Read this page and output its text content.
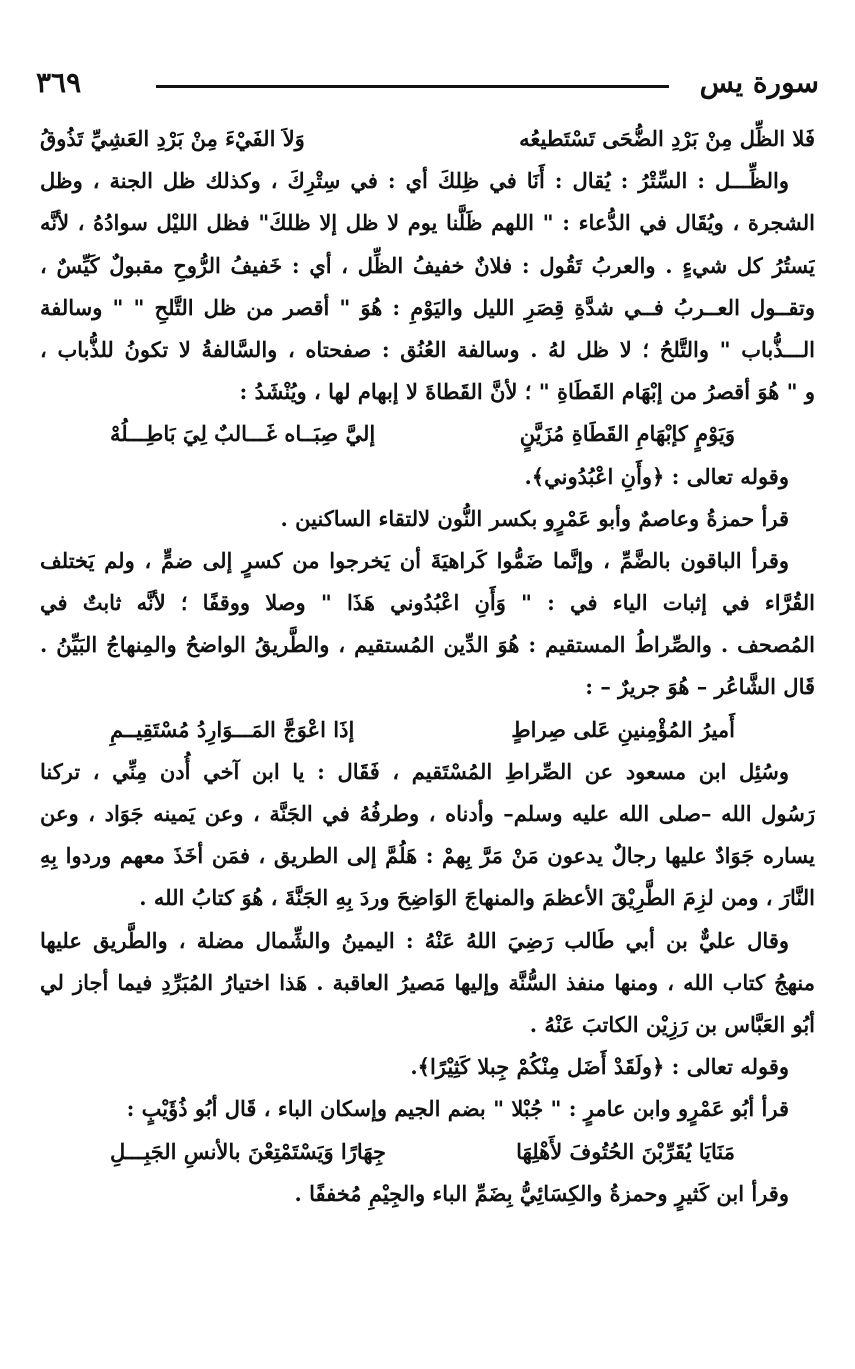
سورة يس
٣٦٩
فَلا الظِّل مِنْ بَرْدِ الضُّحَى تَسْتَطيعُه
وَلاَ الفَيْءَ مِنْ بَرْدِ العَشِيِّ تَذُوقُ
والظِّـــل : السِّتْرُ : يُقال : أَنَا في ظِلكَ أي : في سِتْرِكَ ، وكذلك ظل الجنة ، وظل
الشجرة ، ويُقَال في الدُّعاء : " اللهم ظَلَّنا يوم لا ظل إلا ظلكَ" فظل الليْل سوادُهُ ، لأنَّه
يَستُرُ كل شيءٍ . والعربُ تَقُول : فلانٌ خفيفُ الظِّل ، أي : خَفيفُ الرُّوحِ مقبولٌ كَيِّسٌ ،
وتقــول العــربُ فــي شدَّةِ قِصَرِ الليل واليَوْمِ : هُوَ " أقصر من ظل التَّلحِ " " وسالفة
الـــذُّباب " والتَّلحُ ؛ لا ظل لهُ . وسالفة العُنُق : صفحتاه ، والسَّالفةُ لا تكونُ للذُّباب ،
و " هُوَ أقصرُ من إبْهَام القَطَاةِ " ؛ لأنَّ القَطاةَ لا إبهام لها ، ويُنْشَدُ :
وَيَوْمٍ كإبْهَامِ القَطَاةِ مُزَيَّنٍ
إليَّ صِبَــاه غَـــالبٌ لِيَ بَاطِـــلُهْ
وقوله تعالى : ﴿وأَنِ اعْبُدُوني﴾.
قرأ حمزةُ وعاصمٌ وأبو عَمْرٍو بكسر النُّون لالتقاء الساكنين .
وقرأ الباقون بالضَّمِّ ، وإنَّما ضَمُّوا كَراهيَةَ أن يَخرجوا من كسرٍ إلى ضمٍّ ، ولم يَختلف
القُرَّاء في إثبات الياء في : " وَأَنِ اعْبُدُوني هَذَا " وصلا ووقفًا ؛ لأنَّه ثابتٌ في
المُصحف . والصِّراطُ المستقيم : هُوَ الدِّين المُستقيم ، والطَّريقُ الواضحُ والمِنهاجُ البَيِّنُ .
قَال الشَّاعُر – هُوَ جريرٌ – :
أَميرُ المُؤْمِنينِ عَلى صِراطٍ
إذَا اعْوَجَّ المَـــوَارِدُ مُسْتَقِيــمِ
وسُئِل ابن مسعود عن الصِّراطِ المُسْتَقيم ، فَقَال : يا ابن آخي أُدن مِنِّي ، تركنا
رَسُول الله –صلى الله عليه وسلم– وأدناه ، وطرفُهُ في الجَنَّة ، وعن يَمينه جَوَاد ، وعن
يساره جَوَادٌ عليها رجالٌ يدعون مَنْ مَرَّ بِهمْ : هَلُمَّ إلى الطريق ، فمَن أخَذَ معهم وردوا بِهِ
النَّارَ ، ومن لزِمَ الطَّرِيْقَ الأعظمَ والمنهاجَ الوَاضِحَ وردَ بِهِ الجَنَّةَ ، هُوَ كتابُ الله .
وقال عليٌّ بن أبي طَالب رَضِيَ اللهُ عَنْهُ : اليمينُ والشِّمال مضلة ، والطَّريق عليها
منهجُ كتاب الله ، ومنها منفذ السُّنَّة وإليها مَصيرُ العاقبة . هَذا اختيارُ المُبَرِّدِ فيما أجاز لي
أبُو العَبَّاس بن رَزِيْن الكاتبَ عَنْهُ .
وقوله تعالى : ﴿ولَقَدْ أَضَل مِنْكُمْ جِبلا كَثِيْرًا﴾.
قرأ أبُو عَمْرٍو وابن عامرٍ : " جُبْلا " بضم الجيم وإسكان الباء ، قَال أبُو ذُؤَيْبٍ :
مَنَايَا يُقَرِّبْنَ الحُتُوفَ لأَهْلِهَا
جِهَارًا وَيَسْتَمْتِعْنَ بالأنسِ الجَبِـــلِ
وقرأ ابن كَثيرٍ وحمزةُ والكِسَائِيُّ بِضَمِّ الباء والجِيْمِ مُخففًا .
